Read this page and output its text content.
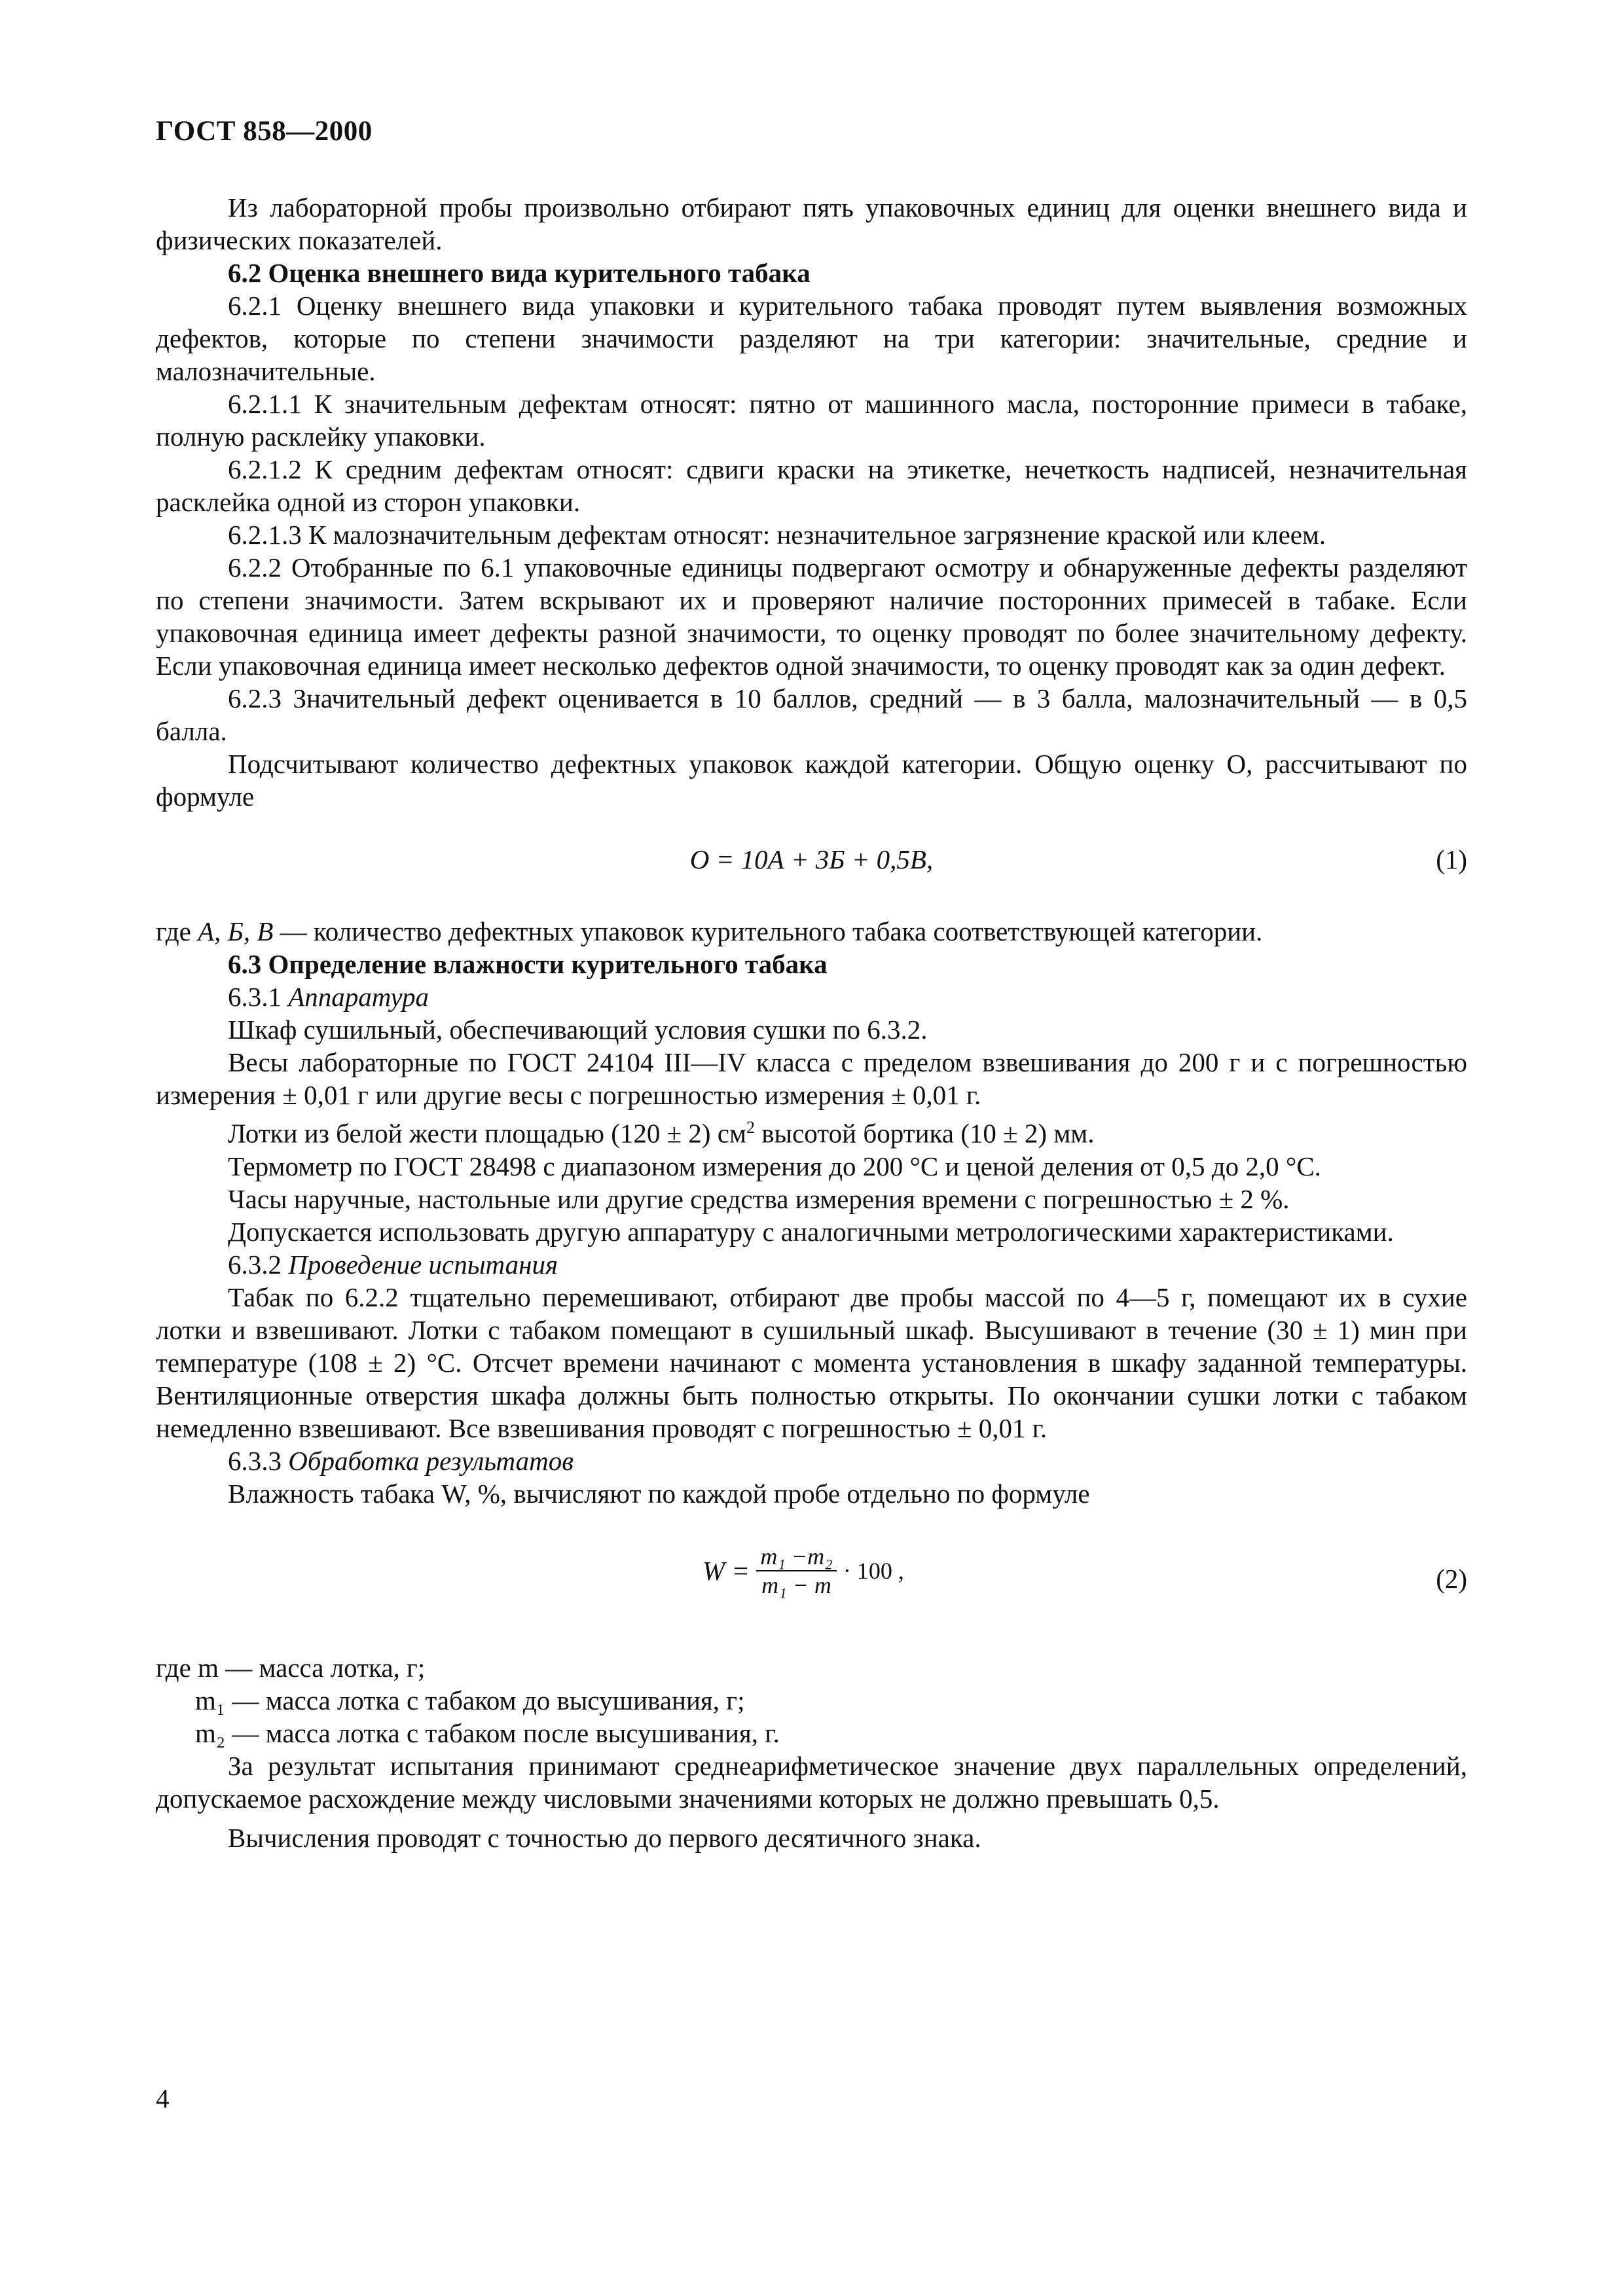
ГОСТ 858—2000

Из лабораторной пробы произвольно отбирают пять упаковочных единиц для оценки внешнего вида и физических показателей.

6.2 Оценка внешнего вида курительного табака

6.2.1 Оценку внешнего вида упаковки и курительного табака проводят путем выявления возможных дефектов, которые по степени значимости разделяют на три категории: значительные, средние и малозначительные.

6.2.1.1 К значительным дефектам относят: пятно от машинного масла, посторонние примеси в табаке, полную расклейку упаковки.

6.2.1.2 К средним дефектам относят: сдвиги краски на этикетке, нечеткость надписей, незначительная расклейка одной из сторон упаковки.

6.2.1.3 К малозначительным дефектам относят: незначительное загрязнение краской или клеем.

6.2.2 Отобранные по 6.1 упаковочные единицы подвергают осмотру и обнаруженные дефекты разделяют по степени значимости. Затем вскрывают их и проверяют наличие посторонних примесей в табаке. Если упаковочная единица имеет дефекты разной значимости, то оценку проводят по более значительному дефекту. Если упаковочная единица имеет несколько дефектов одной значимости, то оценку проводят как за один дефект.

6.2.3 Значительный дефект оценивается в 10 баллов, средний — в 3 балла, малозначительный — в 0,5 балла.

Подсчитывают количество дефектных упаковок каждой категории. Общую оценку О, рассчитывают по формуле

О = 10А + 3Б + 0,5В,	(1)

где А, Б, В — количество дефектных упаковок курительного табака соответствующей категории.

6.3 Определение влажности курительного табака

6.3.1 Аппаратура

Шкаф сушильный, обеспечивающий условия сушки по 6.3.2.

Весы лабораторные по ГОСТ 24104 III—IV класса с пределом взвешивания до 200 г и с погрешностью измерения ± 0,01 г или другие весы с погрешностью измерения ± 0,01 г.

Лотки из белой жести площадью (120 ± 2) $см^2$ высотой бортика (10 ± 2) мм.

Термометр по ГОСТ 28498 с диапазоном измерения до 200 °С и ценой деления от 0,5 до 2,0 °С.

Часы наручные, настольные или другие средства измерения времени с погрешностью ± 2 %.

Допускается использовать другую аппаратуру с аналогичными метрологическими характеристиками.

6.3.2 Проведение испытания

Табак по 6.2.2 тщательно перемешивают, отбирают две пробы массой по 4—5 г, помещают их в сухие лотки и взвешивают. Лотки с табаком помещают в сушильный шкаф. Высушивают в течение (30 ± 1) мин при температуре (108 ± 2) °С. Отсчет времени начинают с момента установления в шкафу заданной температуры. Вентиляционные отверстия шкафа должны быть полностью открыты. По окончании сушки лотки с табаком немедленно взвешивают. Все взвешивания проводят с погрешностью ± 0,01 г.

6.3.3 Обработка результатов

Влажность табака W, %, вычисляют по каждой пробе отдельно по формуле

$W = \frac{\text{m₁ −m₂}}{\text{m₁ − m}} \cdot 100$ ,	(2)

где m — масса лотка, г;

m₁ — масса лотка с табаком до высушивания, г;

m₂ — масса лотка с табаком после высушивания, г.

За результат испытания принимают среднеарифметическое значение двух параллельных определений, допускаемое расхождение между числовыми значениями которых не должно превышать 0,5.

Вычисления проводят с точностью до первого десятичного знака.

4
